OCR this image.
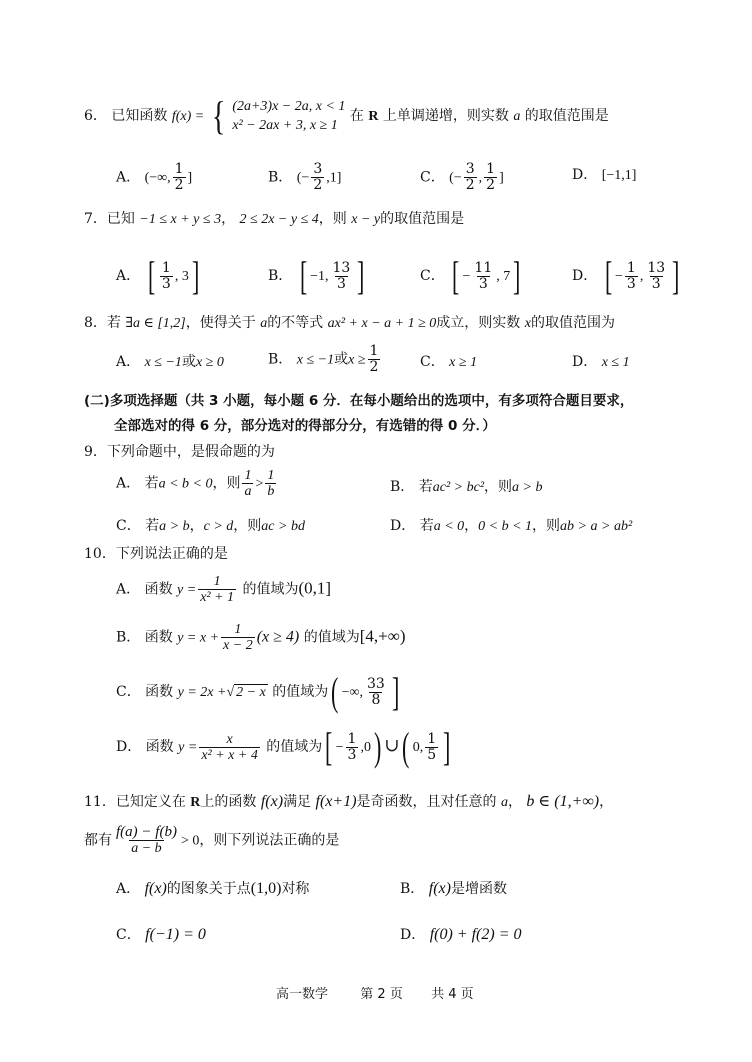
6． 已知函数 f(x) = { (2a+3)x − 2a, x < 1
x² − 2ax + 3, x ≥ 1
在 R 上单调递增，则实数 a 的取值范围是
A． (−∞, $\frac{1}{2}$ ]	B． (− $\frac{3}{2} ,1$]	C． (− $\frac{3}{2}$ , $\frac{1}{2}$ ]	D． [−1,1]
7．已知 −1 ≤ x + y ≤ 3， 2 ≤ 2x − y ≤ 4，则 x − y的取值范围是
A． [ $\frac{1}{3}$ , 3]	B． [ −1, $\frac{13}{3}$ ]	C． [ − $\frac{11}{3}$ , 7]	D． [ − $\frac{1}{3}$ , $\frac{13}{3}$ ]
8．若 ∃a ∈ [1,2]，使得关于 a的不等式 ax² + x − a + 1 ≥ 0成立，则实数 x的取值范围为
A． x ≤ −1或x ≥ 0	B． x ≤ −1或$x \ge \frac{1}{2}$	C． x ≥ 1	D． x ≤ 1
(二)多项选择题（共 3 小题，每小题 6 分．在每小题给出的选项中，有多项符合题目要求，
全部选对的得 6 分，部分选对的得部分分，有选错的得 0 分．）
9．下列命题中，是假命题的为
A． 若a < b < 0，则 $\frac{1}{a} > \frac{1}{b}$	B． 若ac² > bc²，则a > b
C． 若a > b，c > d，则ac > bd	D． 若a < 0，0 < b < 1，则ab > a > ab²
10．下列说法正确的是
A． 函数 $y = \frac{1}{\text{x² + 1}}$ 的值域为(0,1]
B． 函数 $y = x + \frac{1}{x - 2} (x \ge 4)$ 的值域为[4,+∞)
C． 函数 y = 2x +√ 2 − x 的值域为( −∞, $\frac{33}{8}$ ]
D． 函数 $y = \frac{x}{\text{x² + x + 4}}$ 的值域为[ − $\frac{1}{3} ,0$) ∪( 0, $\frac{1}{5}$ ]
11．已知定义在 R上的函数 f(x)满足 f(x+1)是奇函数，且对任意的 a， b ∈ (1,+∞)，
都有 $\frac{f(a) - f(b)}{a - b} > 0$，则下列说法正确的是
A． f(x)的图象关于点(1,0)对称	B． f(x)是增函数
C． f(−1) = 0	D． f(0) + f(2) = 0
高一数学 第 2 页 共 4 页
